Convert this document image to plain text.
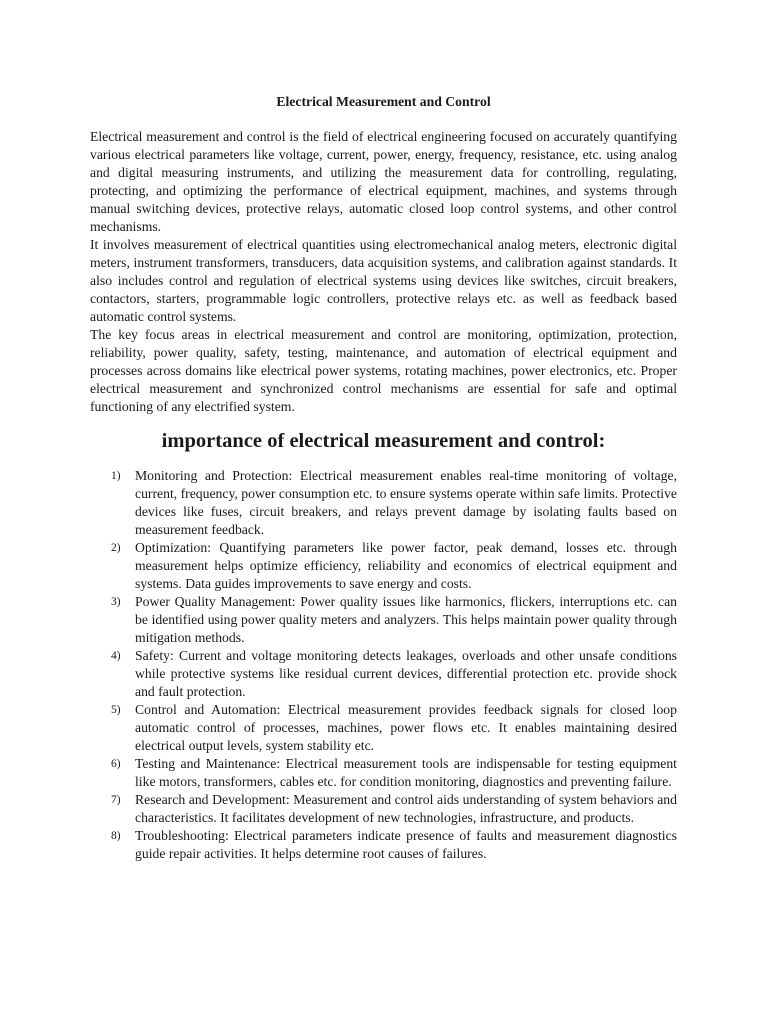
Electrical Measurement and Control

Electrical measurement and control is the field of electrical engineering focused on accurately quantifying various electrical parameters like voltage, current, power, energy, frequency, resistance, etc. using analog and digital measuring instruments, and utilizing the measurement data for controlling, regulating, protecting, and optimizing the performance of electrical equipment, machines, and systems through manual switching devices, protective relays, automatic closed loop control systems, and other control mechanisms.

It involves measurement of electrical quantities using electromechanical analog meters, electronic digital meters, instrument transformers, transducers, data acquisition systems, and calibration against standards. It also includes control and regulation of electrical systems using devices like switches, circuit breakers, contactors, starters, programmable logic controllers, protective relays etc. as well as feedback based automatic control systems.

The key focus areas in electrical measurement and control are monitoring, optimization, protection, reliability, power quality, safety, testing, maintenance, and automation of electrical equipment and processes across domains like electrical power systems, rotating machines, power electronics, etc. Proper electrical measurement and synchronized control mechanisms are essential for safe and optimal functioning of any electrified system.

importance of electrical measurement and control:
1) Monitoring and Protection: Electrical measurement enables real-time monitoring of voltage, current, frequency, power consumption etc. to ensure systems operate within safe limits. Protective devices like fuses, circuit breakers, and relays prevent damage by isolating faults based on measurement feedback.
2) Optimization: Quantifying parameters like power factor, peak demand, losses etc. through measurement helps optimize efficiency, reliability and economics of electrical equipment and systems. Data guides improvements to save energy and costs.
3) Power Quality Management: Power quality issues like harmonics, flickers, interruptions etc. can be identified using power quality meters and analyzers. This helps maintain power quality through mitigation methods.
4) Safety: Current and voltage monitoring detects leakages, overloads and other unsafe conditions while protective systems like residual current devices, differential protection etc. provide shock and fault protection.
5) Control and Automation: Electrical measurement provides feedback signals for closed loop automatic control of processes, machines, power flows etc. It enables maintaining desired electrical output levels, system stability etc.
6) Testing and Maintenance: Electrical measurement tools are indispensable for testing equipment like motors, transformers, cables etc. for condition monitoring, diagnostics and preventing failure.
7) Research and Development: Measurement and control aids understanding of system behaviors and characteristics. It facilitates development of new technologies, infrastructure, and products.
8) Troubleshooting: Electrical parameters indicate presence of faults and measurement diagnostics guide repair activities. It helps determine root causes of failures.
